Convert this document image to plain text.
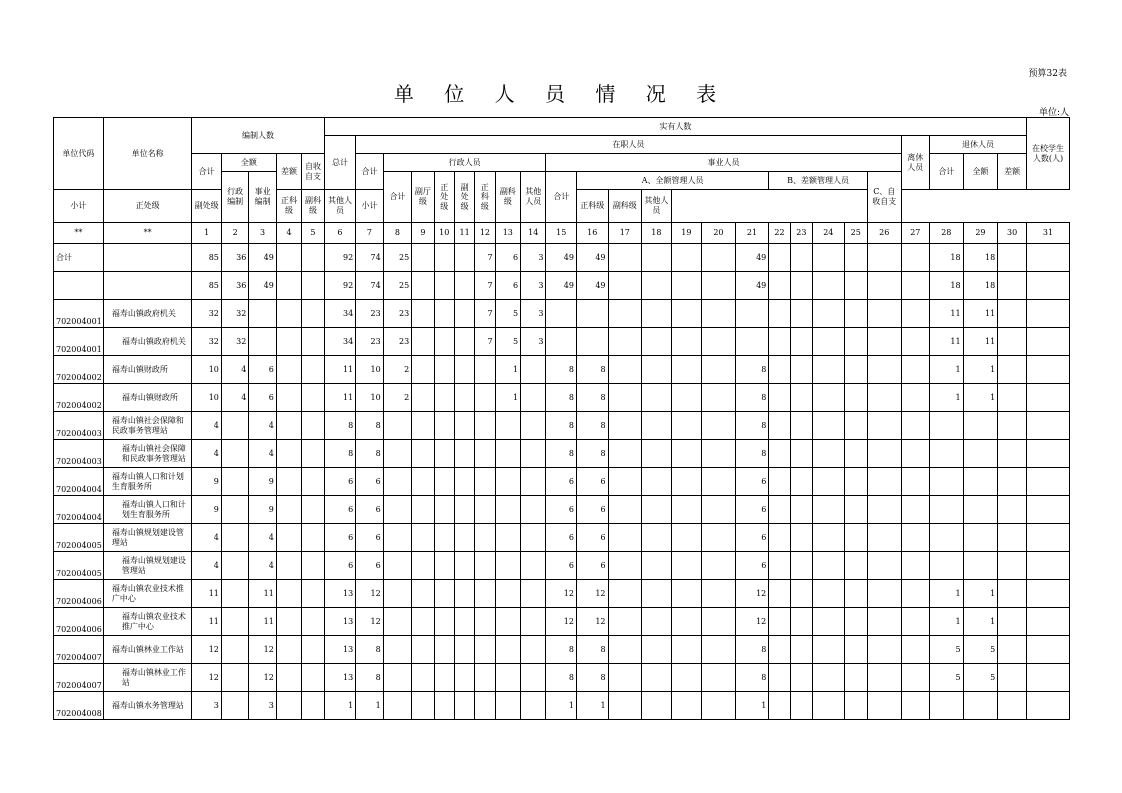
预算32表
单 位 人 员 情 况 表
单位:人
单位代码	单位名称	编制人数					实有人数																									在校学生人数(人)
							总计	在职人员																				离休人员	退休人员			
		合计	全额		差额	自收自支		合计	行政人员							事业人员													合计	全额	差额	
			行政编制	事业编制					合计	副厅级	正处级	副处级	正科级	副科级	其他人员	合计	A、全额管理人员						B、差额管理人员				C、自收自支					
小计	正处级	副处级			正科级	副科级	其他人员	小计									正科级	副科级	其他人员													
**	**	1	2	3	4	5	6	7	8	9	10	11	12	13	14	15	16	17	18	19	20	21	22	23	24	25	26	27	28	29	30	31
合计		85	36	49			92	74	25				7	6	3	49	49					49							18	18		
		85	36	49			92	74	25				7	6	3	49	49					49							18	18		
702004001	福寿山镇政府机关	32	32				34	23	23				7	5	3														11	11		
702004001	福寿山镇政府机关	32	32				34	23	23				7	5	3														11	11		
702004002	福寿山镇财政所	10	4	6			11	10	2					1		8	8					8							1	1		
702004002	福寿山镇财政所	10	4	6			11	10	2					1		8	8					8							1	1		
702004003	福寿山镇社会保障和民政事务管理站	4		4			8	8								8	8					8										
702004003	福寿山镇社会保障和民政事务管理站	4		4			8	8								8	8					8										
702004004	福寿山镇人口和计划生育服务所	9		9			6	6								6	6					6										
702004004	福寿山镇人口和计划生育服务所	9		9			6	6								6	6					6										
702004005	福寿山镇规划建设管理站	4		4			6	6								6	6					6										
702004005	福寿山镇规划建设管理站	4		4			6	6								6	6					6										
702004006	福寿山镇农业技术推广中心	11		11			13	12								12	12					12							1	1		
702004006	福寿山镇农业技术推广中心	11		11			13	12								12	12					12							1	1		
702004007	福寿山镇林业工作站	12		12			13	8								8	8					8							5	5		
702004007	福寿山镇林业工作站	12		12			13	8								8	8					8							5	5		
702004008	福寿山镇水务管理站	3		3			1	1								1	1					1										
